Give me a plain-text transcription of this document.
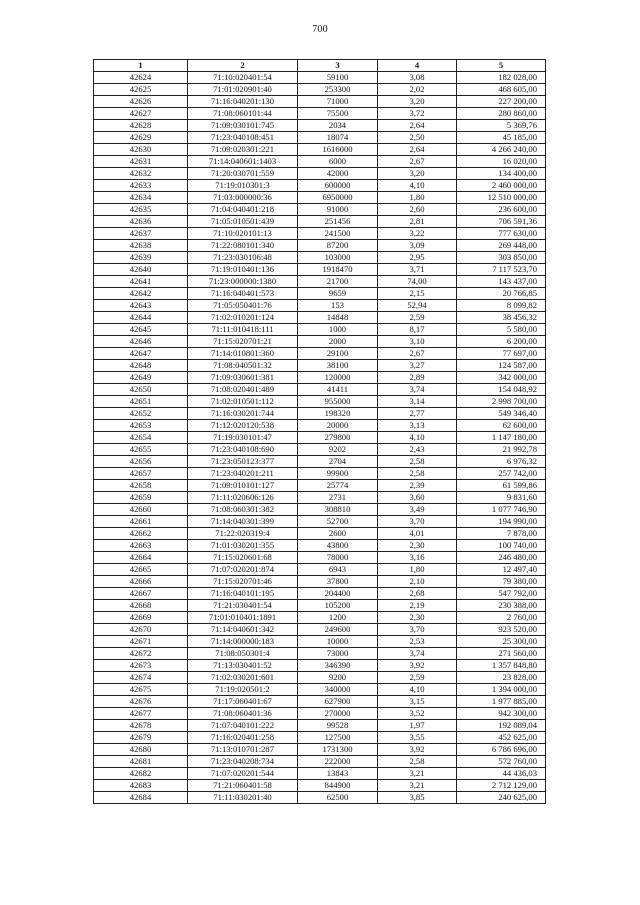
700
1	2	3	4	5
42624	71:10:020401:54	59100	3,08	182 028,00
42625	71:01:020901:40	253300	2,02	468 605,00
42626	71:16:040201:130	71000	3,20	227 200,00
42627	71:08:060101:44	75500	3,72	280 860,00
42628	71:09:030101:745	2034	2,64	5 369,76
42629	71:23:040108:451	18074	2,50	45 185,00
42630	71:09:020301:221	1616000	2,64	4 266 240,00
42631	71:14:040601:1403	6000	2,67	16 020,00
42632	71:20:030701:559	42000	3,20	134 400,00
42633	71:19:010301:3	600000	4,10	2 460 000,00
42634	71:03:000000:36	6950000	1,80	12 510 000,00
42635	71:04:040401:218	91000	2,60	236 600,00
42636	71:05:010501:439	251456	2,81	706 591,36
42637	71:10:020101:13	241500	3,22	777 630,00
42638	71:22:080101:340	87200	3,09	269 448,00
42639	71:23:030106:48	103000	2,95	303 850,00
42640	71:19:010401:136	1918470	3,71	7 117 523,70
42641	71:23:000000:1380	21700	74,00	143 437,00
42642	71:16:040401:573	9659	2,15	20 766,85
42643	71:05:050401:76	153	52,94	8 099,82
42644	71:02:010201:124	14848	2,59	38 456,32
42645	71:11:010418:111	1000	8,17	5 580,00
42646	71:15:020701:21	2000	3,10	6 200,00
42647	71:14:010801:360	29100	2,67	77 697,00
42648	71:08:040501:32	38100	3,27	124 587,00
42649	71:09:030601:381	120000	2,89	342 000,00
42650	71:08:020401:489	41411	3,74	154 048,92
42651	71:02:010501:112	955000	3,14	2 998 700,00
42652	71:16:030201:744	198320	2,77	549 346,40
42653	71:12:020120:538	20000	3,13	62 600,00
42654	71:19:030101:47	279800	4,10	1 147 180,00
42655	71:23:040108:690	9202	2,43	21 992,78
42656	71:23:050123:377	2704	2,58	6 976,32
42657	71:23:040201:211	99900	2,58	257 742,00
42658	71:09:010101:127	25774	2,39	61 599,86
42659	71:11:020606:126	2731	3,60	9 831,60
42660	71:08:060301:382	308810	3,49	1 077 746,90
42661	71:14:040301:399	52700	3,70	194 990,00
42662	71:22:020319:4	2600	4,01	7 878,00
42663	71:01:030201:355	43800	2,30	100 740,00
42664	71:15:020601:68	78000	3,16	246 480,00
42665	71:07:020201:874	6943	1,80	12 497,40
42666	71:15:020701:46	37800	2,10	79 380,00
42667	71:16:040101:195	204400	2,68	547 792,00
42668	71:21:030401:54	105200	2,19	230 388,00
42669	71:01:010401:1891	1200	2,30	2 760,00
42670	71:14:040601:342	249600	3,70	923 520,00
42671	71:14:000000:183	10000	2,53	25 300,00
42672	71:08:050301:4	73000	3,74	271 560,00
42673	71:13:030401:52	346390	3,92	1 357 848,80
42674	71:02:030201:601	9200	2,59	23 828,00
42675	71:19:020501:2	340000	4,10	1 394 000,00
42676	71:17:060401:67	627900	3,15	1 977 885,00
42677	71:08:060401:36	270000	3,52	942 300,00
42678	71:07:040101:222	99528	1,97	192 089,04
42679	71:16:020401:258	127500	3,55	452 625,00
42680	71:13:010701:287	1731300	3,92	6 786 696,00
42681	71:23:040208:734	222000	2,58	572 760,00
42682	71:07:020201:544	13843	3,21	44 436,03
42683	71:21:060401:58	844900	3,21	2 712 129,00
42684	71:11:030201:40	62500	3,85	240 625,00
